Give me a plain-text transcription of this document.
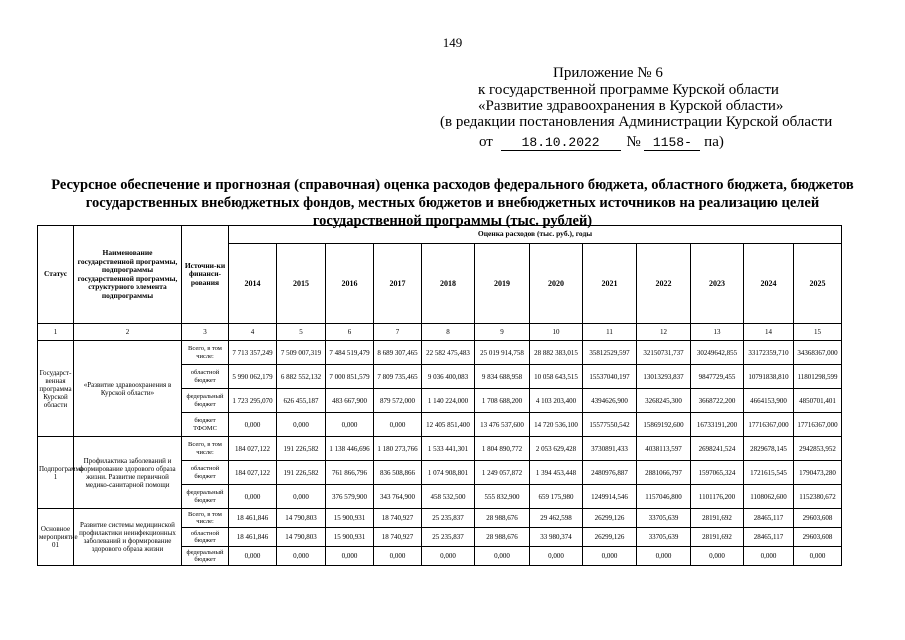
149
Приложение № 6
к государственной программе Курской области
«Развитие здравоохранения в Курской области»
(в редакции постановления Администрации Курской области
от 18.10.2022 № 1158- па)
Ресурсное обеспечение и прогнозная (справочная) оценка расходов федерального бюджета, областного бюджета, бюджетов государственных внебюджетных фондов, местных бюджетов и внебюджетных источников на реализацию целей государственной программы (тыс. рублей)
Статус	Наименование государственной программы, подпрограммы государственной программы, структурного элемента подпрограммы	Источни-ки финанси-рования	Оценка расходов (тыс. руб.), годы											
			2014	2015	2016	2017	2018	2019	2020	2021	2022	2023	2024	2025
1	2	3	4	5	6	7	8	9	10	11	12	13	14	15
Государст-венная программа Курской области	«Развитие здравоохранения в Курской области»	Всего, в том числе:	7 713 357,249	7 509 007,319	7 484 519,479	8 689 307,465	22 582 475,483	25 019 914,758	28 882 383,015	35812529,597	32150731,737	30249642,855	33172359,710	34368367,000
		областной бюджет	5 990 062,179	6 882 552,132	7 000 851,579	7 809 735,465	9 036 400,083	9 834 688,958	10 058 643,515	15537040,197	13013293,837	9847729,455	10791838,810	11801298,599
		федеральный бюджет	1 723 295,070	626 455,187	483 667,900	879 572,000	1 140 224,000	1 708 688,200	4 103 203,400	4394626,900	3268245,300	3668722,200	4664153,900	4850701,401
		бюджет ТФОМС	0,000	0,000	0,000	0,000	12 405 851,400	13 476 537,600	14 720 536,100	15577550,542	15869192,600	16733191,200	17716367,000	17716367,000
Подпрограмма 1	Профилактика заболеваний и формирование здорового образа жизни. Развитие первичной медико-санитарной помощи	Всего, в том числе:	184 027,122	191 226,582	1 138 446,696	1 180 273,766	1 533 441,301	1 804 890,772	2 053 629,428	3730891,433	4038113,597	2698241,524	2829678,145	2942853,952
		областной бюджет	184 027,122	191 226,582	761 866,796	836 508,866	1 074 908,801	1 249 057,872	1 394 453,448	2480976,887	2881066,797	1597065,324	1721615,545	1790473,280
		федеральный бюджет	0,000	0,000	376 579,900	343 764,900	458 532,500	555 832,900	659 175,980	1249914,546	1157046,800	1101176,200	1108062,600	1152380,672
Основное мероприятие 01	Развитие системы медицинской профилактики неинфекционных заболеваний и формирование здорового образа жизни	Всего, в том числе:	18 461,846	14 790,803	15 900,931	18 740,927	25 235,837	28 988,676	29 462,598	26299,126	33705,639	28191,692	28465,117	29603,608
		областной бюджет	18 461,846	14 790,803	15 900,931	18 740,927	25 235,837	28 988,676	33 980,374	26299,126	33705,639	28191,692	28465,117	29603,608
		федеральный бюджет	0,000	0,000	0,000	0,000	0,000	0,000	0,000	0,000	0,000	0,000	0,000	0,000
